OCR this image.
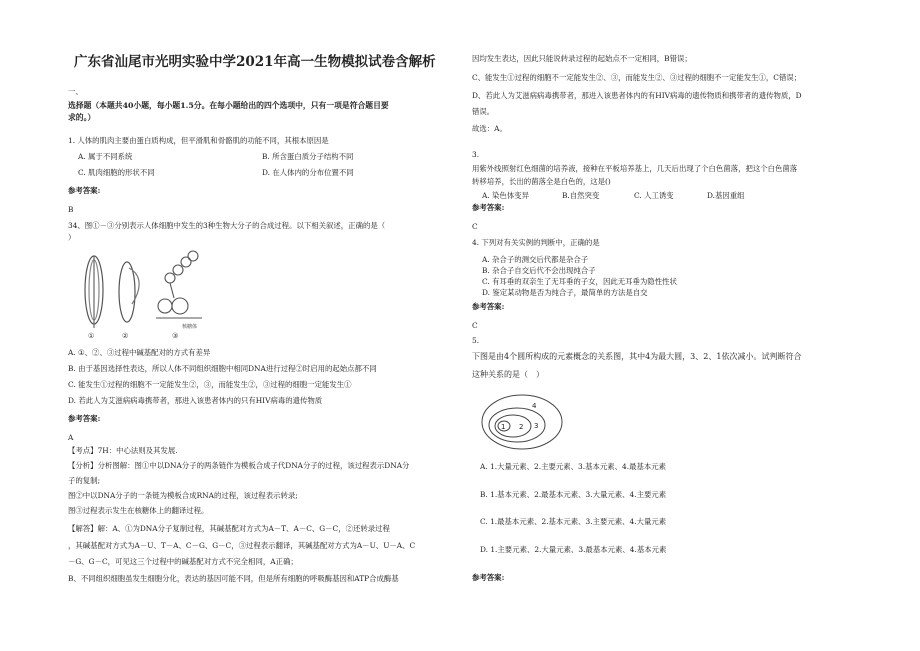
广东省汕尾市光明实验中学2021年高一生物模拟试卷含解析
一、
选择题（本题共40小题，每小题1.5分。在每小题给出的四个选项中，只有一项是符合题目要
求的。）
1. 人体的肌肉主要由蛋白质构成，但平滑肌和骨骼肌的功能不同，其根本原因是
A. 属于不同系统	B. 所含蛋白质分子结构不同
C. 肌肉细胞的形状不同	D. 在人体内的分布位置不同
参考答案:
B
34、图①－③分别表示人体细胞中发生的3种生物大分子的合成过程。以下相关叙述，正确的是（
）
①	②	③
核糖体
A. ①、②、③过程中碱基配对的方式有差异
B. 由于基因选择性表达，所以人体不同组织细胞中相同DNA进行过程②时启用的起始点都不同
C. 能发生①过程的细胞不一定能发生②，③，而能发生②，③过程的细胞一定能发生①
D. 若此人为艾滋病病毒携带者，那进入该患者体内的只有HIV病毒的遗传物质
参考答案:
A
【考点】7H：中心法则及其发展.
【分析】分析图解：图①中以DNA分子的两条链作为模板合成子代DNA分子的过程，该过程表示DNA分
子的复制;
图②中以DNA分子的一条链为模板合成RNA的过程，该过程表示转录;
图③过程表示发生在核糖体上的翻译过程。
【解答】解：A、①为DNA分子复制过程，其碱基配对方式为A－T、A－C、G－C，②还转录过程
，其碱基配对方式为A－U、T－A、C－G、G－C，③过程表示翻译，其碱基配对方式为A－U、U－A、C
－G、G－C，可见这三个过程中的碱基配对方式不完全相同，A正确；
B、不同组织细胞虽发生细胞分化，表达的基因可能不同，但是所有细胞的呼吸酶基因和ATP合成酶基
因均发生表达，因此只能说转录过程的起始点不一定相同，B错误；
C、能发生①过程的细胞不一定能发生②、③，而能发生②、③过程的细胞不一定能发生①，C错误；
D、若此人为艾滋病病毒携带者，那进入该患者体内的有HIV病毒的遗传物质和携带者的遗传物质，D
错误。
故选：A。
3.
用紫外线照射红色细菌的培养液，接种在平板培养基上，几天后出现了个白色菌落，把这个白色菌落
转移培养，长出的菌落全是白色的，这是()
A. 染色体变异	B.自然突变	C. 人工诱变	D.基因重组
参考答案:
C
4. 下列对有关实例的判断中，正确的是
A. 杂合子的测交后代都是杂合子
B. 杂合子自交后代不会出现纯合子
C. 有耳垂的双亲生了无耳垂的子女，因此无耳垂为隐性性状
D. 鉴定某动物是否为纯合子，最简单的方法是自交
参考答案:
C
5.
下图是由4个圆所构成的元素概念的关系图，其中4为最大圆，3、2、1依次减小。试判断符合
这种关系的是（　）
1 2 3
4
A. 1.大量元素、2.主要元素、3.基本元素、4.最基本元素
B. 1.基本元素、2.最基本元素、3.大量元素、4.主要元素
C. 1.最基本元素、2.基本元素、3.主要元素、4.大量元素
D. 1.主要元素、2.大量元素、3.最基本元素、4.基本元素
参考答案:
